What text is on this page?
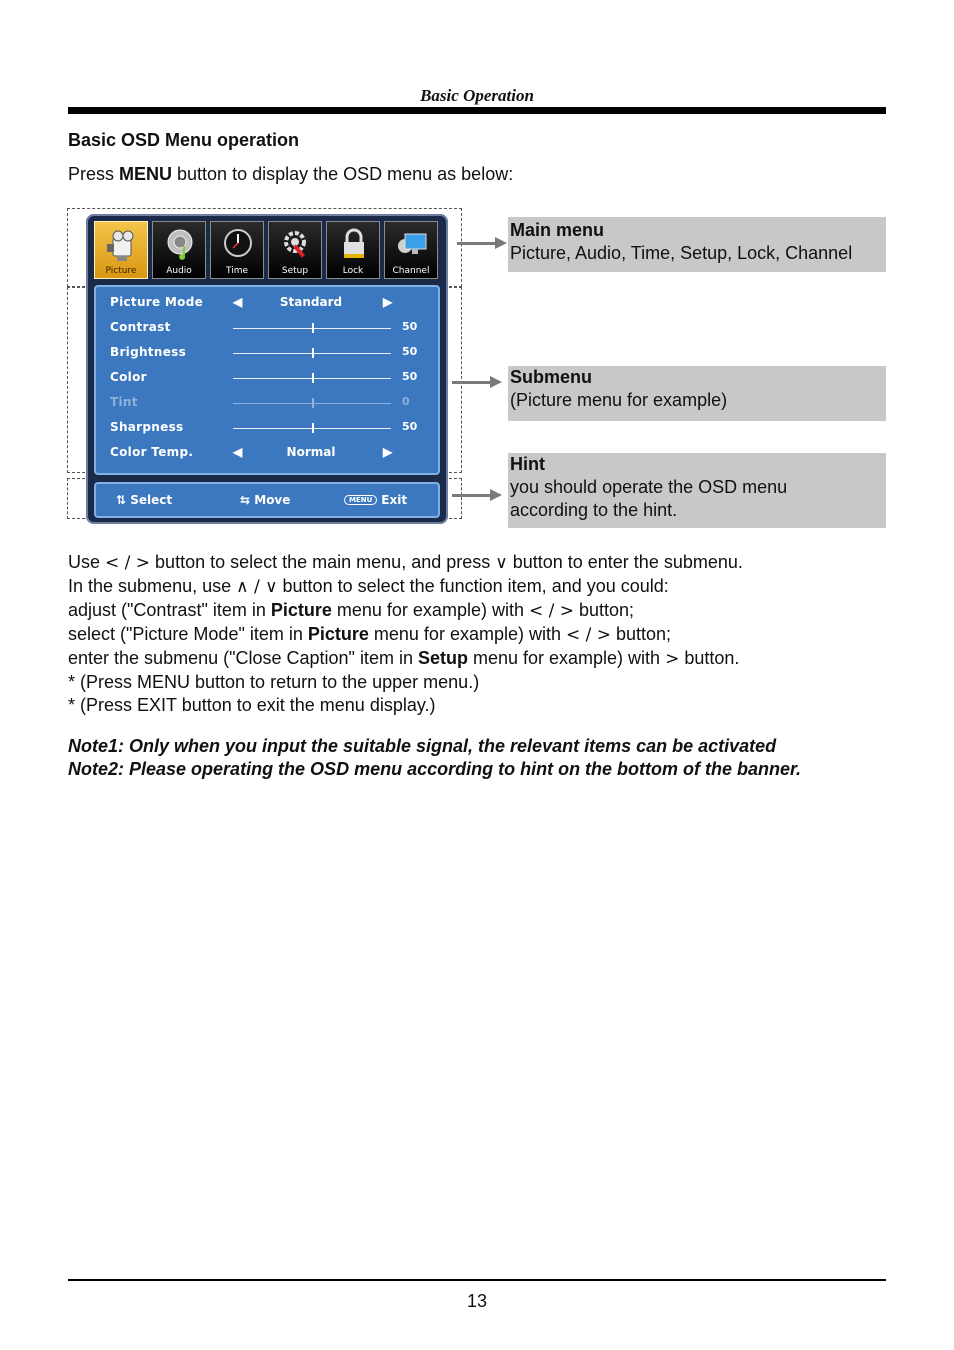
Basic Operation
Basic OSD Menu operation
Press MENU button to display the OSD menu as below:
Picture	Audio	Time	Setup	Lock	Channel
Picture Mode ◀	Standard	▶
Contrast	50
Brightness	50
Color	50
Tint	0
Sharpness	50
Color Temp.	◀	Normal	▶
⇅ Select	⇆ Move	MENU Exit
Main menu
Picture, Audio, Time, Setup, Lock, Channel
Submenu
(Picture menu for example)
Hint
you should operate the OSD menu
according to the hint.

Use < / > button to select the main menu, and press ∨ button to enter the submenu.

In the submenu, use ∧ / ∨ button to select the function item, and you could:

adjust ("Contrast" item in Picture menu for example) with < / > button;

select ("Picture Mode" item in Picture menu for example) with < / > button;

enter the submenu ("Close Caption" item in Setup menu for example) with > button.

* (Press MENU button to return to the upper menu.)

* (Press EXIT button to exit the menu display.)

Note1: Only when you input the suitable signal, the relevant items can be activated

Note2: Please operating the OSD menu according to hint on the bottom of the banner.

13
